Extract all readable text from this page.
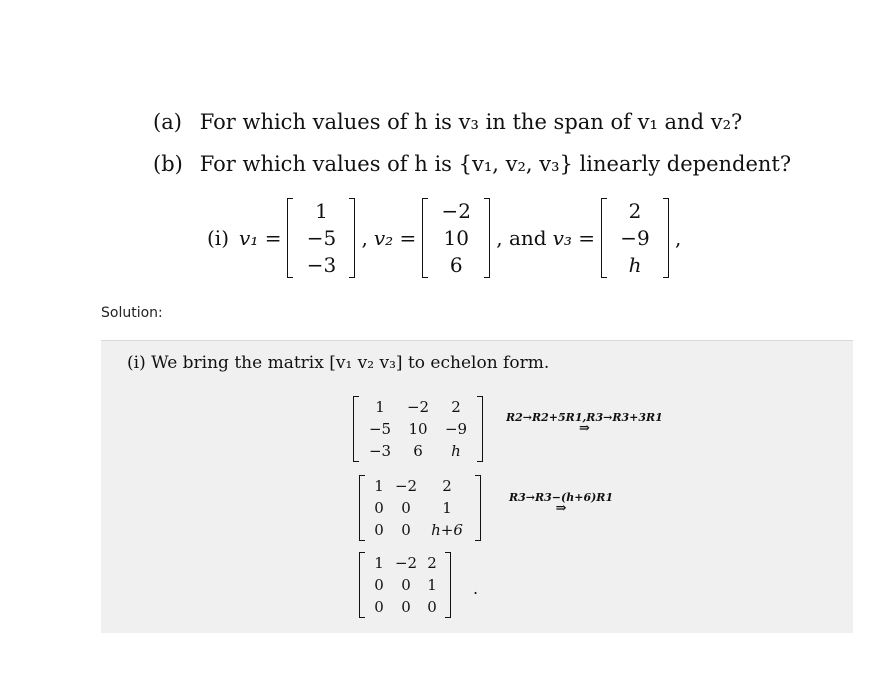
(a) For which values of h is v₃ in the span of v₁ and v₂?
(b) For which values of h is {v₁, v₂, v₃} linearly dependent?
(i) v₁ =
1
−5
−3
, v₂ =
−2
10
6
, and v₃ =
2
−9
h
,
Solution:
(i) We bring the matrix [v₁ v₂ v₃] to echelon form.
1	−2	2
−5	10	−9
−3	6	h
R2→R2+5R1,R3→R3+3R1
⇒
1 −2	2
0	0	1
0	0	h+6
R3→R3−(h+6)R1
⇒
1 −2 2
0	0	1
0	0	0
.
